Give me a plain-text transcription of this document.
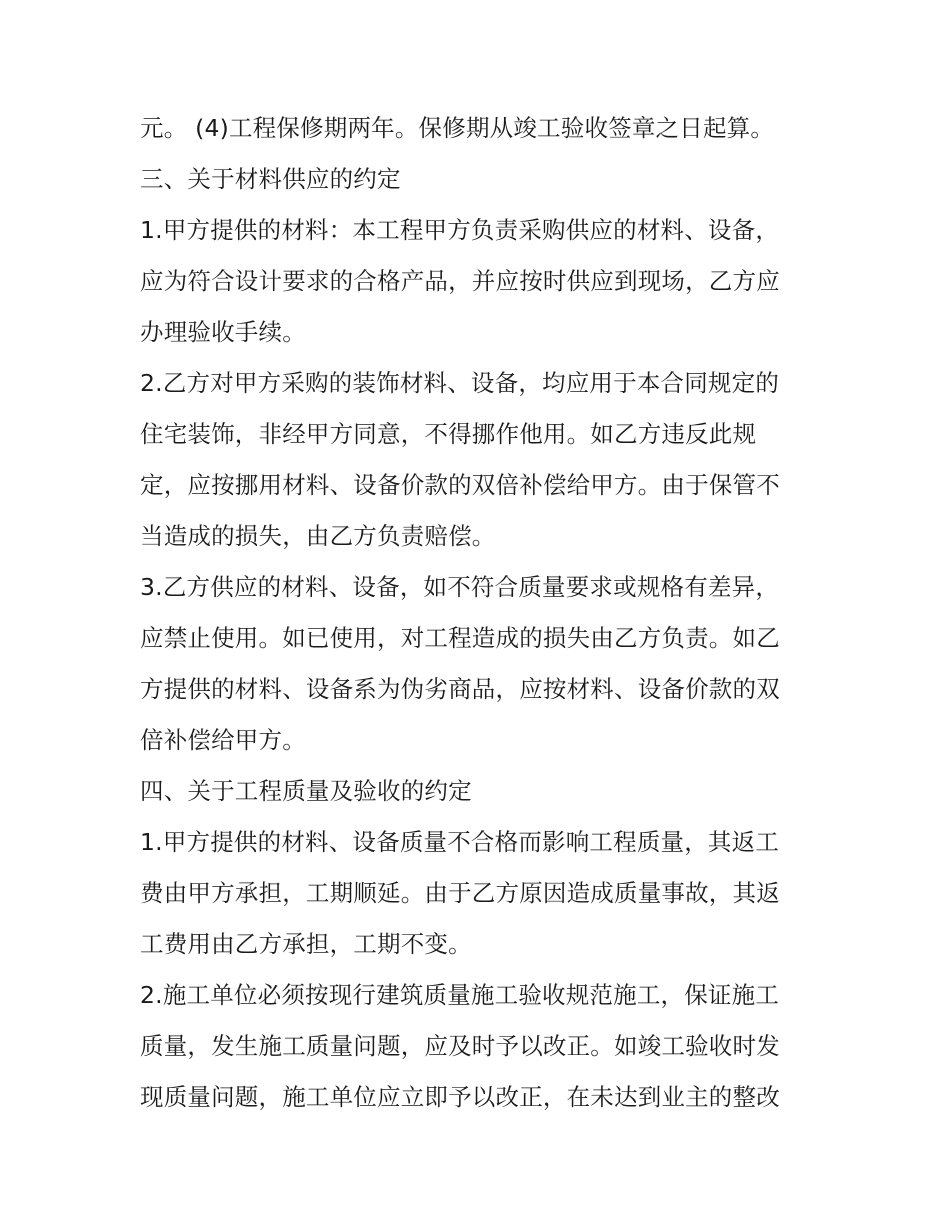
元。 (4)工程保修期两年。保修期从竣工验收签章之日起算。
三、关于材料供应的约定
1.甲方提供的材料：本工程甲方负责采购供应的材料、设备，
应为符合设计要求的合格产品，并应按时供应到现场，乙方应
办理验收手续。
2.乙方对甲方采购的装饰材料、设备，均应用于本合同规定的
住宅装饰，非经甲方同意，不得挪作他用。如乙方违反此规
定，应按挪用材料、设备价款的双倍补偿给甲方。由于保管不
当造成的损失，由乙方负责赔偿。
3.乙方供应的材料、设备，如不符合质量要求或规格有差异，
应禁止使用。如已使用，对工程造成的损失由乙方负责。如乙
方提供的材料、设备系为伪劣商品，应按材料、设备价款的双
倍补偿给甲方。
四、关于工程质量及验收的约定
1.甲方提供的材料、设备质量不合格而影响工程质量，其返工
费由甲方承担，工期顺延。由于乙方原因造成质量事故，其返
工费用由乙方承担，工期不变。
2.施工单位必须按现行建筑质量施工验收规范施工，保证施工
质量，发生施工质量问题，应及时予以改正。如竣工验收时发
现质量问题，施工单位应立即予以改正，在未达到业主的整改
